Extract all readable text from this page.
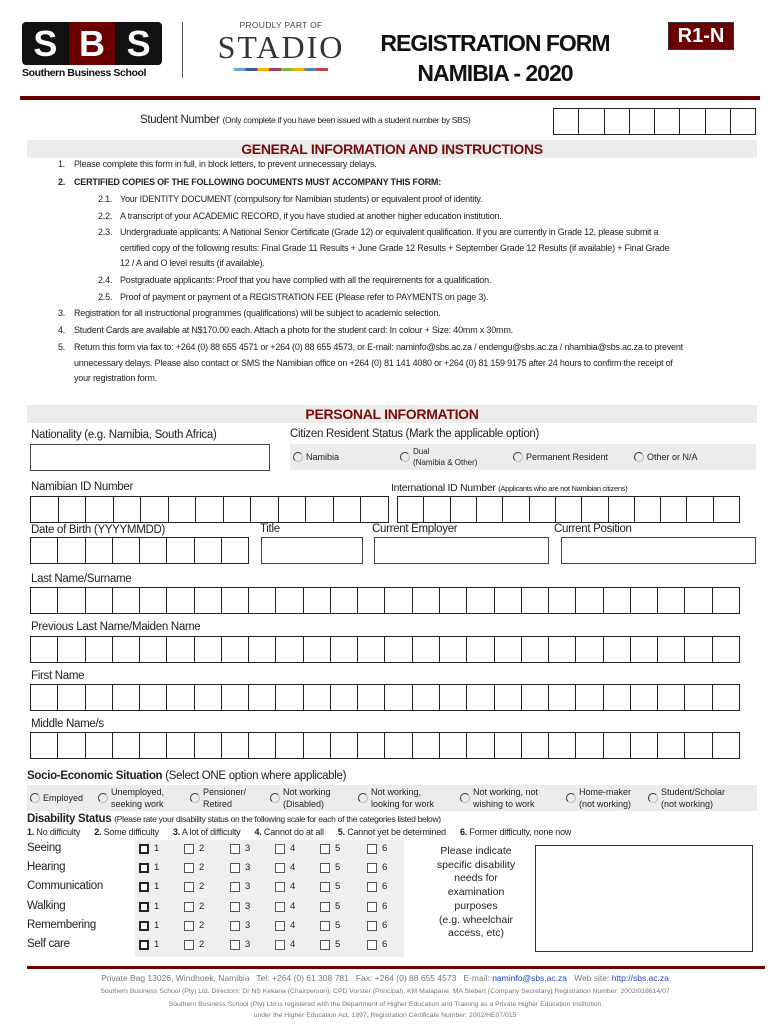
S B S
Southern Business School
PROUDLY PART OF
STADIO	REGISTRATION FORM
NAMIBIA - 2020
R1-N
Student Number (Only complete if you have been issued with a student number by SBS)
GENERAL INFORMATION AND INSTRUCTIONS
1. Please complete this form in full, in block letters, to prevent unnecessary delays.
2. CERTIFIED COPIES OF THE FOLLOWING DOCUMENTS MUST ACCOMPANY THIS FORM:
2.1. Your IDENTITY DOCUMENT (compulsory for Namibian students) or equivalent proof of identity.
2.2. A transcript of your ACADEMIC RECORD, if you have studied at another higher education institution.
2.3. Undergraduate applicants: A National Senior Certificate (Grade 12) or equivalent qualification. If you are currently in Grade 12, please submit a
certified copy of the following results: Final Grade 11 Results + June Grade 12 Results + September Grade 12 Results (if available) + Final Grade
12 / A and O level results (if available).
2.4. Postgraduate applicants: Proof that you have complied with all the requirements for a qualification.
2.5. Proof of payment or payment of a REGISTRATION FEE (Please refer to PAYMENTS on page 3).
3. Registration for all instructional programmes (qualifications) will be subject to academic selection.
4. Student Cards are available at N$170.00 each. Attach a photo for the student card: In colour + Size: 40mm x 30mm.
5. Return this form via fax to: +264 (0) 88 655 4571 or +264 (0) 88 655 4573, or E-mail: naminfo@sbs.ac.za / endengu@sbs.ac.za / nhambia@sbs.ac.za to prevent
unnecessary delays. Please also contact or SMS the Namibian office on +264 (0) 81 141 4080 or +264 (0) 81 159 9175 after 24 hours to confirm the receipt of
your registration form.
PERSONAL INFORMATION
Nationality (e.g. Namibia, South Africa)	Citizen Resident Status (Mark the applicable option)
Namibia
Dual
(Namibia & Other)
Permanent Resident	Other or N/A
Namibian ID Number	International ID Number (Applicants who are not Namibian citizens)
Date of Birth (YYYYMMDD)	Title	Current Employer	Current Position
Last Name/Surname
Previous Last Name/Maiden Name
First Name
Middle Name/s
Socio-Economic Situation (Select ONE option where applicable)
Employed

Unemployed,
seeking work
Pensioner/
Retired
Not working
(Disabled)
Not working,
looking for work
Not working, not
wishing to work
Home-maker
(not working)
Student/Scholar
(not working)
Disability Status (Please rate your disability status on the following scale for each of the categories listed below)
1. No difficulty 2. Some difficulty 3. A lot of difficulty 4. Cannot do at all 5. Cannot yet be determined 6. Former difficulty, none now
Seeing	1	2	3	4	5	6
Hearing	1	2	3	4	5	6
Communication	1	2	3	4	5	6
Walking	1	2	3	4	5	6
Remembering	1	2	3	4	5	6
Self care	1	2	3	4	5	6
Please indicate
specific disability
needs for
examination
purposes
(e.g. wheelchair
access, etc)
Private Bag 13026, Windhoek, Namibia   Tel: +264 (0) 61 308 781   Fax: +264 (0) 88 655 4573   E-mail: naminfo@sbs.ac.za   Web site: http://sbs.ac.za
Southern Business School (Pty) Ltd. Directors: Dr NS Kekana (Chairperson), CPD Vorster (Principal), KM Malapane, MA Siebert (Company Secretary) Registration Number: 2002/018614/07
Southern Business School (Pty) Ltd is registered with the Department of Higher Education and Training as a Private Higher Education Institution
under the Higher Education Act, 1997. Registration Certificate Number: 2002/HE07/015
